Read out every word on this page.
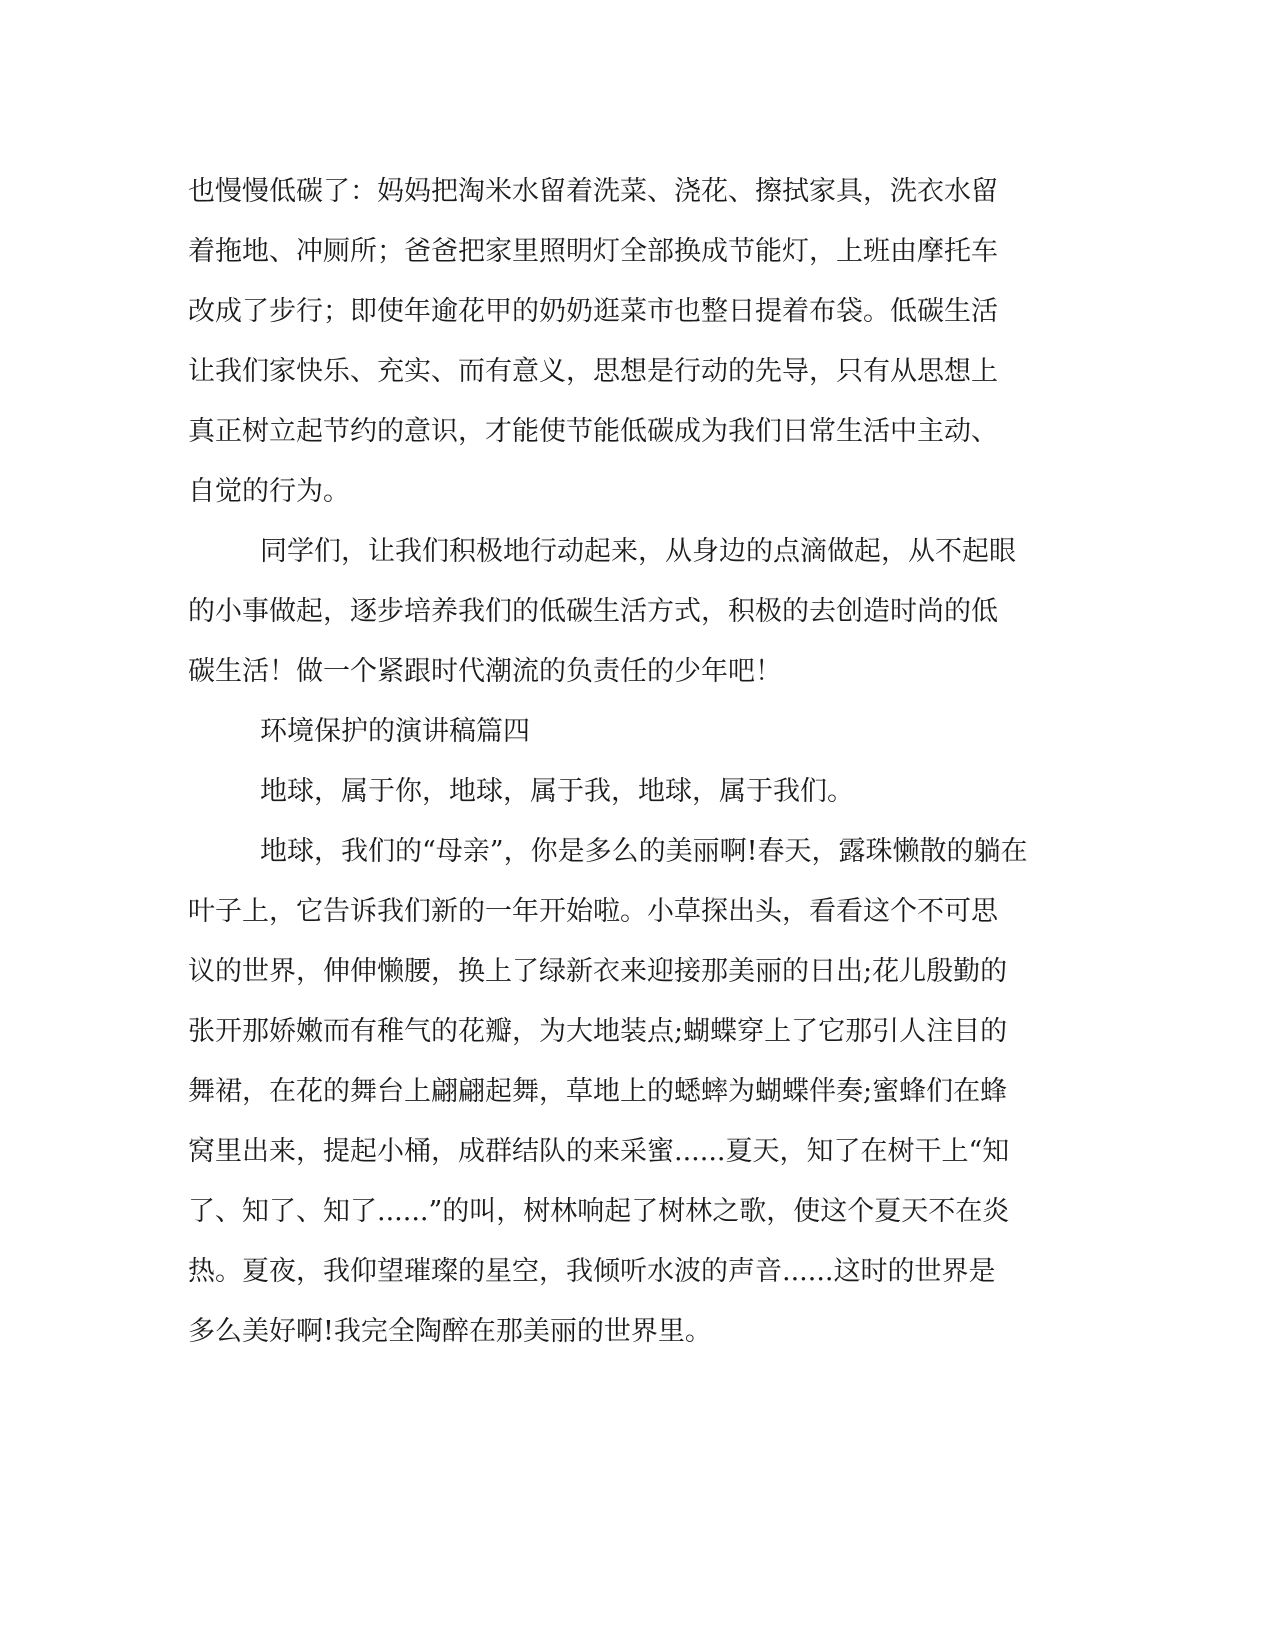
也慢慢低碳了：妈妈把淘米水留着洗菜、浇花、擦拭家具，洗衣水留
着拖地、冲厕所；爸爸把家里照明灯全部换成节能灯，上班由摩托车
改成了步行；即使年逾花甲的奶奶逛菜市也整日提着布袋。低碳生活
让我们家快乐、充实、而有意义，思想是行动的先导，只有从思想上
真正树立起节约的意识，才能使节能低碳成为我们日常生活中主动、
自觉的行为。
同学们，让我们积极地行动起来，从身边的点滴做起，从不起眼
的小事做起，逐步培养我们的低碳生活方式，积极的去创造时尚的低
碳生活！做一个紧跟时代潮流的负责任的少年吧！
环境保护的演讲稿篇四
地球，属于你，地球，属于我，地球，属于我们。
地球，我们的“母亲”，你是多么的美丽啊!春天，露珠懒散的躺在
叶子上，它告诉我们新的一年开始啦。小草探出头，看看这个不可思
议的世界，伸伸懒腰，换上了绿新衣来迎接那美丽的日出;花儿殷勤的
张开那娇嫩而有稚气的花瓣，为大地装点;蝴蝶穿上了它那引人注目的
舞裙，在花的舞台上翩翩起舞，草地上的蟋蟀为蝴蝶伴奏;蜜蜂们在蜂
窝里出来，提起小桶，成群结队的来采蜜......夏天，知了在树干上“知
了、知了、知了......”的叫，树林响起了树林之歌，使这个夏天不在炎
热。夏夜，我仰望璀璨的星空，我倾听水波的声音......这时的世界是
多么美好啊!我完全陶醉在那美丽的世界里。
